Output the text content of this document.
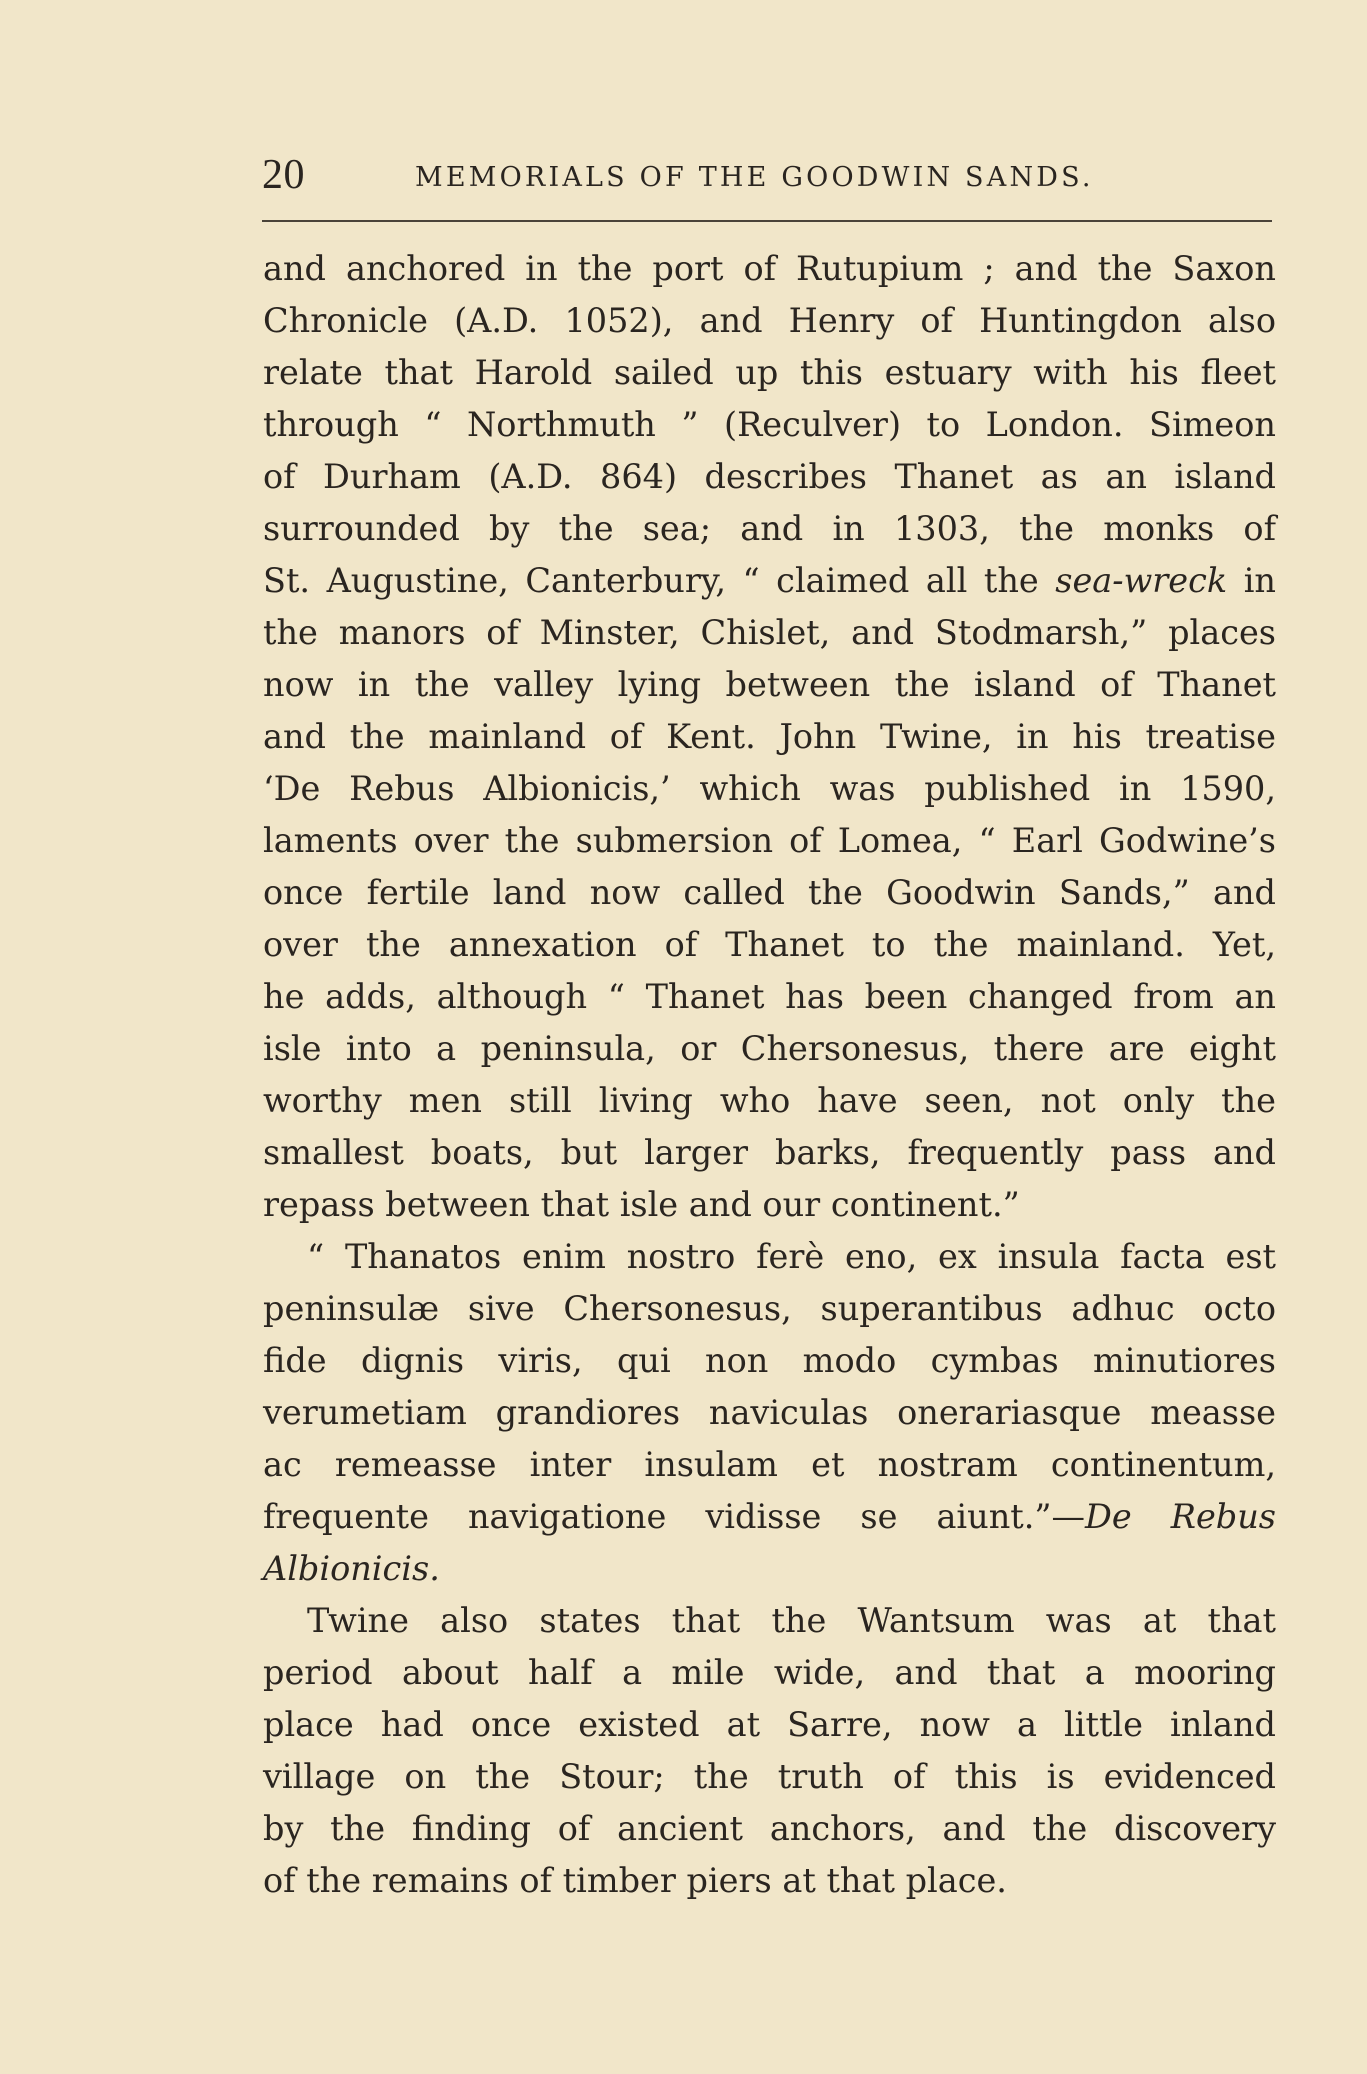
20	MEMORIALS OF THE GOODWIN SANDS.
and anchored in the port of Rutupium ; and the Saxon
Chronicle (A.D. 1052), and Henry of Huntingdon also
relate that Harold sailed up this estuary with his fleet
through “ Northmuth ” (Reculver) to London. Simeon
of Durham (A.D. 864) describes Thanet as an island
surrounded by the sea; and in 1303, the monks of
St. Augustine, Canterbury, “ claimed all the sea-wreck in
the manors of Minster, Chislet, and Stodmarsh,” places
now in the valley lying between the island of Thanet
and the mainland of Kent. John Twine, in his treatise
‘De Rebus Albionicis,’ which was published in 1590,
laments over the submersion of Lomea, “ Earl Godwine’s
once fertile land now called the Goodwin Sands,” and
over the annexation of Thanet to the mainland. Yet,
he adds, although “ Thanet has been changed from an
isle into a peninsula, or Chersonesus, there are eight
worthy men still living who have seen, not only the
smallest boats, but larger barks, frequently pass and
repass between that isle and our continent.”
“ Thanatos enim nostro ferè eno, ex insula facta est
peninsulæ sive Chersonesus, superantibus adhuc octo
fide dignis viris, qui non modo cymbas minutiores
verumetiam grandiores naviculas onerariasque measse
ac remeasse inter insulam et nostram continentum,
frequente navigatione vidisse se aiunt.”—De Rebus
Albionicis.
Twine also states that the Wantsum was at that
period about half a mile wide, and that a mooring
place had once existed at Sarre, now a little inland
village on the Stour; the truth of this is evidenced
by the finding of ancient anchors, and the discovery
of the remains of timber piers at that place.
